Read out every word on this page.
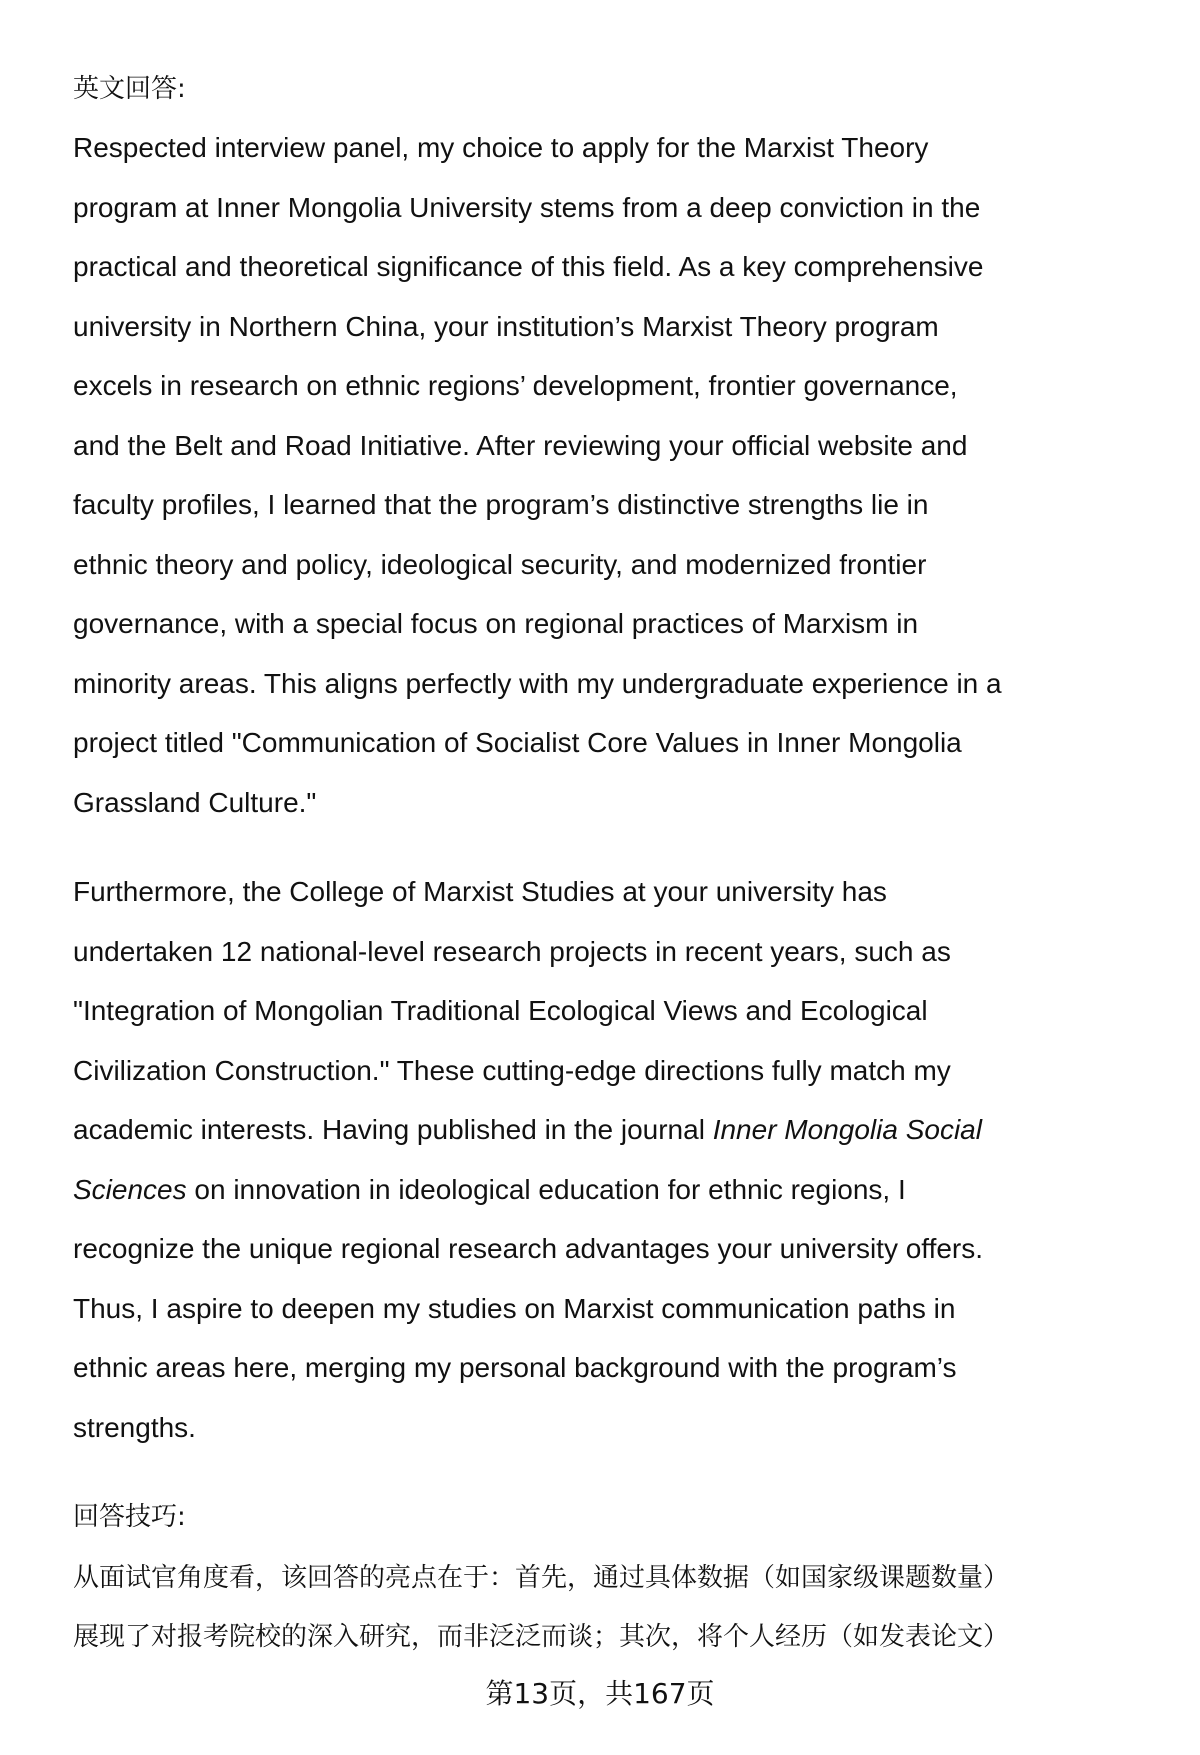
英文回答:
Respected interview panel, my choice to apply for the Marxist Theory
program at Inner Mongolia University stems from a deep conviction in the
practical and theoretical significance of this field. As a key comprehensive
university in Northern China, your institution’s Marxist Theory program
excels in research on ethnic regions’ development, frontier governance,
and the Belt and Road Initiative. After reviewing your official website and
faculty profiles, I learned that the program’s distinctive strengths lie in
ethnic theory and policy, ideological security, and modernized frontier
governance, with a special focus on regional practices of Marxism in
minority areas. This aligns perfectly with my undergraduate experience in a
project titled "Communication of Socialist Core Values in Inner Mongolia
Grassland Culture."
Furthermore, the College of Marxist Studies at your university has
undertaken 12 national-level research projects in recent years, such as
"Integration of Mongolian Traditional Ecological Views and Ecological
Civilization Construction." These cutting-edge directions fully match my
academic interests. Having published in the journal Inner Mongolia Social
Sciences on innovation in ideological education for ethnic regions, I
recognize the unique regional research advantages your university offers.
Thus, I aspire to deepen my studies on Marxist communication paths in
ethnic areas here, merging my personal background with the program’s
strengths.
回答技巧:
从面试官角度看，该回答的亮点在于：首先，通过具体数据（如国家级课题数量）
展现了对报考院校的深入研究，而非泛泛而谈；其次，将个人经历（如发表论文）
第13页，共167页
